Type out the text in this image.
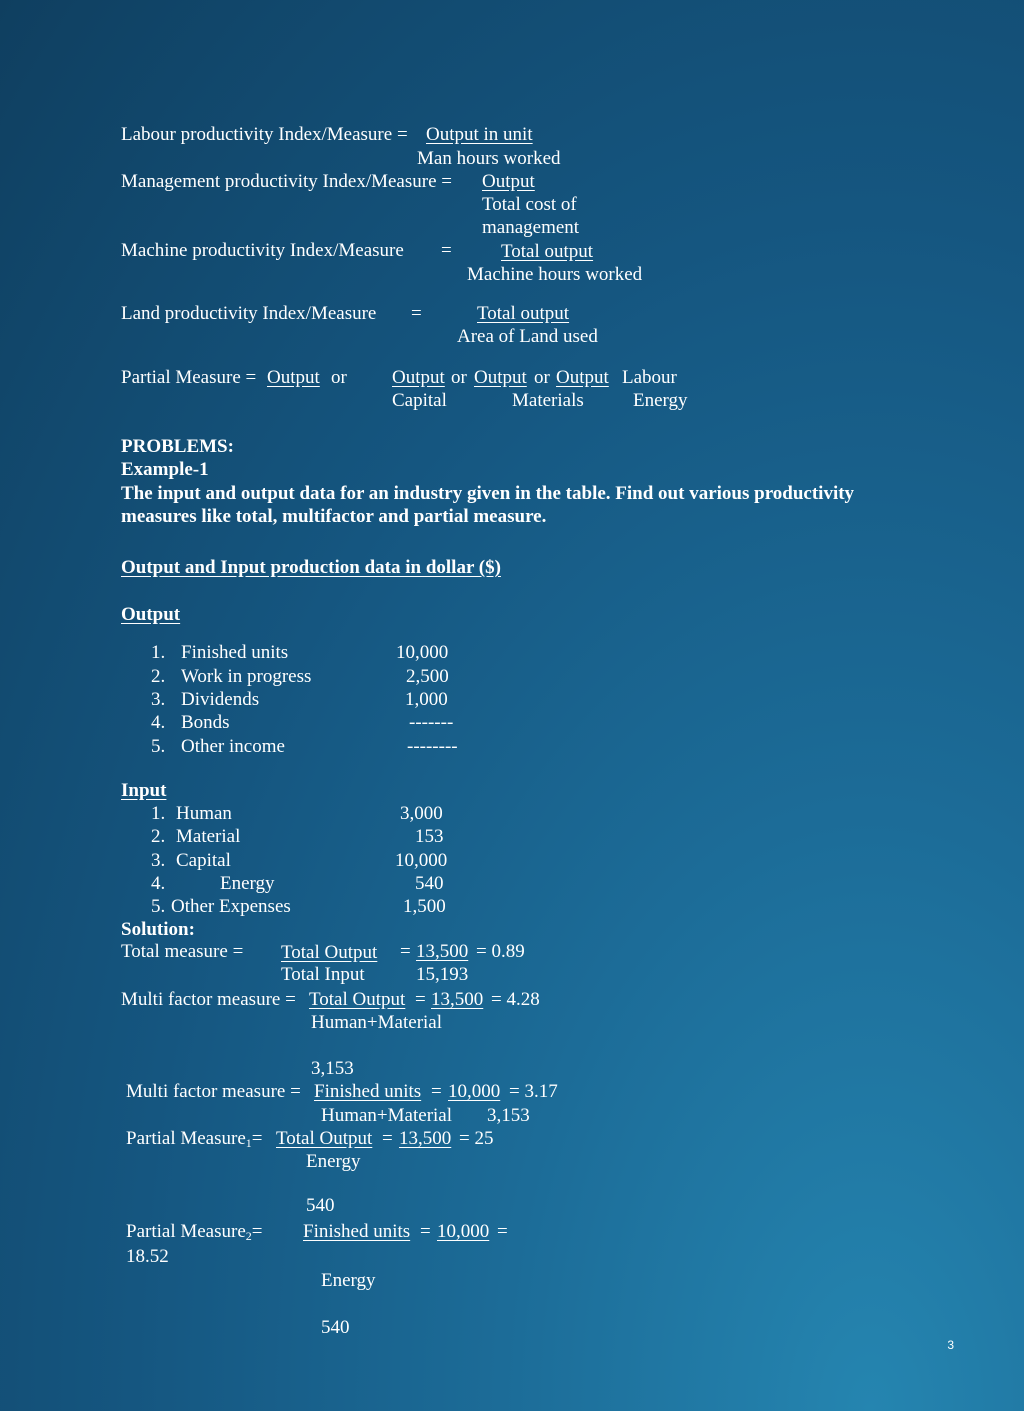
Labour productivity Index/Measure = Output in unit
Man hours worked
Management productivity Index/Measure = Output
Total cost of
management
Machine productivity Index/Measure =	Total output
Machine hours worked
Land productivity Index/Measure =	Total output
Area of Land used
Partial Measure = Output or Output or Output or Output Labour
Capital	Materials	Energy
PROBLEMS:
Example-1
The input and output data for an industry given in the table. Find out various productivity
measures like total, multifactor and partial measure.
Output and Input production data in dollar ($)
Output
1. Finished units	10,000
2. Work in progress	2,500
3. Dividends	1,000
4. Bonds	-------
5. Other income	--------
Input
1. Human	3,000
2. Material	153
3. Capital	10,000
4.	Energy	540
5. Other Expenses	1,500
Solution:
Total measure = Total Output = 13,500 = 0.89
Total Input	15,193
Multi factor measure = Total Output = 13,500 = 4.28
Human+Material
3,153
Multi factor measure = Finished units = 10,000 = 3.17
Human+Material 3,153
Partial Measure$_1$= Total Output = 13,500 = 25
Energy
540
Partial Measure$_2$= Finished units = 10,000 =
18.52
Energy
540
3
